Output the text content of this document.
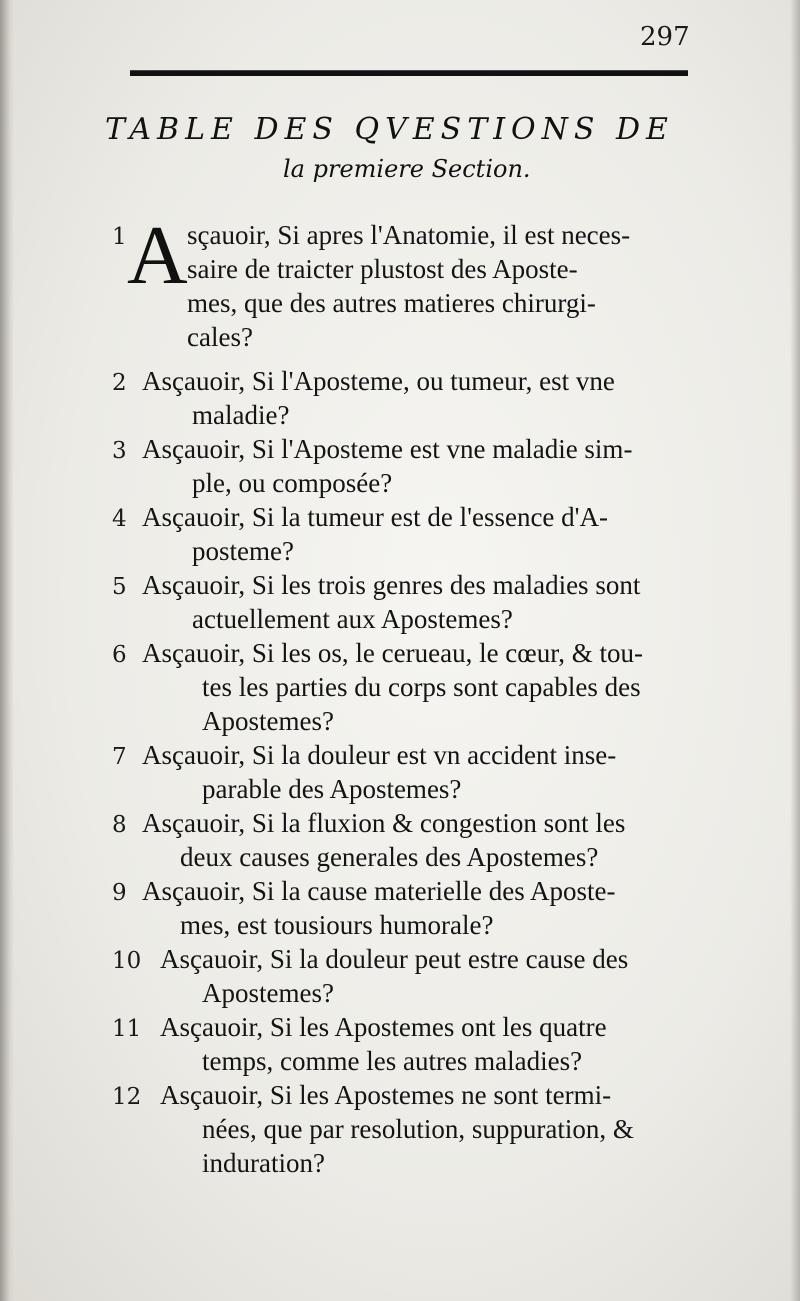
297
TABLE DES QVESTIONS DE
la premiere Section.
1 A sçauoir, Si apres l'Anatomie, il est neces-
saire de traicter plustost des Aposte-
mes, que des autres matieres chirurgi-
cales?
2 Asçauoir, Si l'Aposteme, ou tumeur, est vne
maladie?
3 Asçauoir, Si l'Aposteme est vne maladie sim-
ple, ou composée?
4 Asçauoir, Si la tumeur est de l'essence d'A-
posteme?
5 Asçauoir, Si les trois genres des maladies sont
actuellement aux Apostemes?
6 Asçauoir, Si les os, le cerueau, le cœur, & tou-
tes les parties du corps sont capables des
Apostemes?
7 Asçauoir, Si la douleur est vn accident inse-
parable des Apostemes?
8 Asçauoir, Si la fluxion & congestion sont les
deux causes generales des Apostemes?
9 Asçauoir, Si la cause materielle des Aposte-
mes, est tousiours humorale?
10 Asçauoir, Si la douleur peut estre cause des
Apostemes?
11 Asçauoir, Si les Apostemes ont les quatre
temps, comme les autres maladies?
12 Asçauoir, Si les Apostemes ne sont termi-
nées, que par resolution, suppuration, &
induration?
